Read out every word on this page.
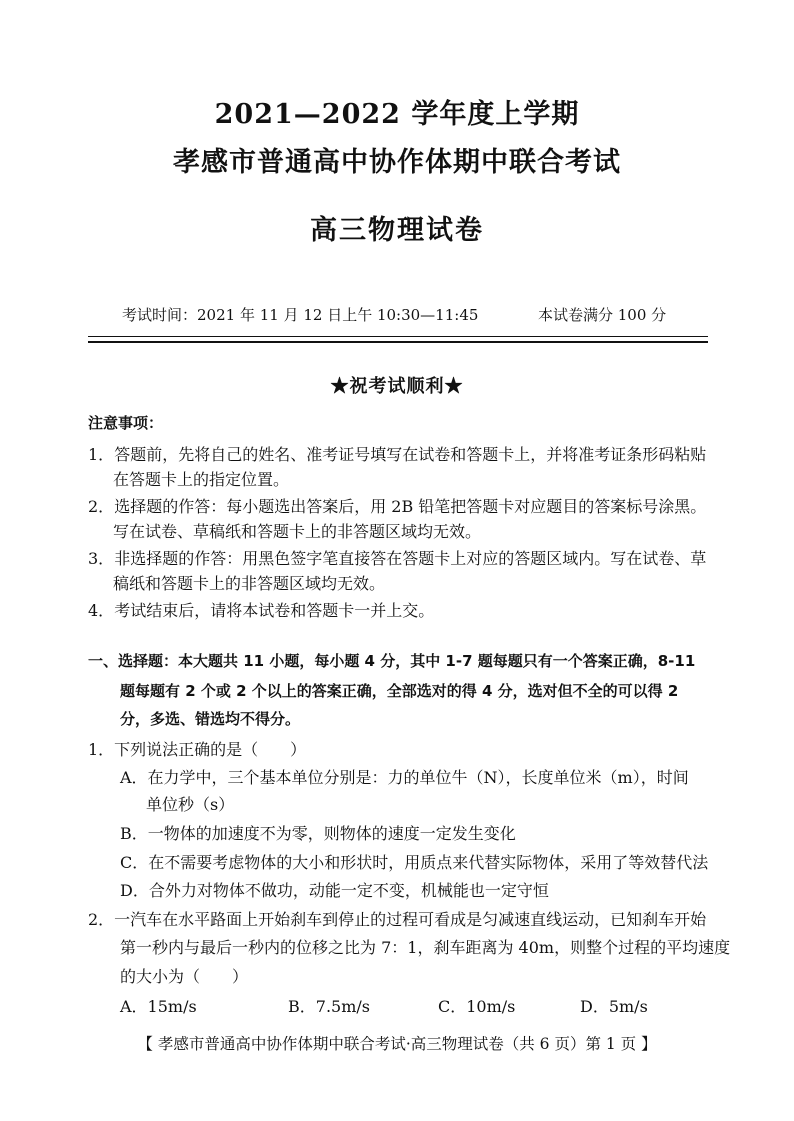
2021—2022 学年度上学期
孝感市普通高中协作体期中联合考试
高三物理试卷
考试时间：2021 年 11 月 12 日上午 10:30—11:45	本试卷满分 100 分
★祝考试顺利★
注意事项：
1．答题前，先将自己的姓名、准考证号填写在试卷和答题卡上，并将准考证条形码粘贴
在答题卡上的指定位置。
2．选择题的作答：每小题选出答案后，用 2B 铅笔把答题卡对应题目的答案标号涂黑。
写在试卷、草稿纸和答题卡上的非答题区域均无效。
3．非选择题的作答：用黑色签字笔直接答在答题卡上对应的答题区域内。写在试卷、草
稿纸和答题卡上的非答题区域均无效。
4．考试结束后，请将本试卷和答题卡一并上交。
一、选择题：本大题共 11 小题，每小题 4 分，其中 1-7 题每题只有一个答案正确，8-11
题每题有 2 个或 2 个以上的答案正确，全部选对的得 4 分，选对但不全的可以得 2
分，多选、错选均不得分。
1．下列说法正确的是（　　）
A．在力学中，三个基本单位分别是：力的单位牛（N），长度单位米（m），时间
单位秒（s）
B．一物体的加速度不为零，则物体的速度一定发生变化
C．在不需要考虑物体的大小和形状时，用质点来代替实际物体，采用了等效替代法
D．合外力对物体不做功，动能一定不变，机械能也一定守恒
2．一汽车在水平路面上开始刹车到停止的过程可看成是匀减速直线运动，已知刹车开始
第一秒内与最后一秒内的位移之比为 7：1，刹车距离为 40m，则整个过程的平均速度
的大小为（　　）
A．15m/s	B．7.5m/s	C．10m/s	D．5m/s
【 孝感市普通高中协作体期中联合考试·高三物理试卷（共 6 页）第 1 页 】
